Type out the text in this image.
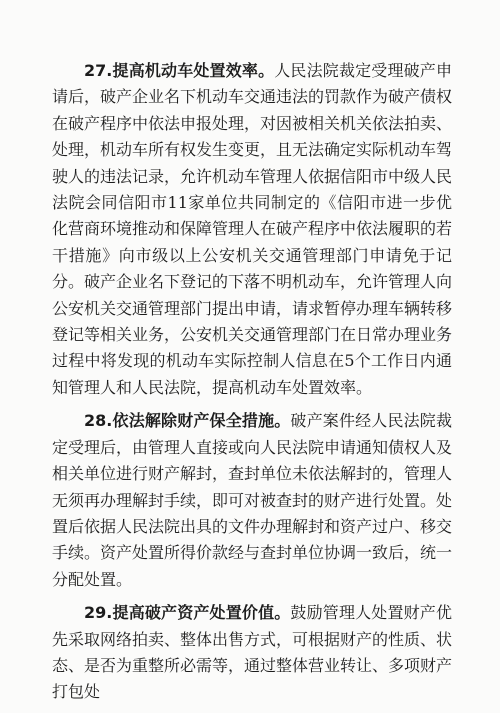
27.提高机动车处置效率。人民法院裁定受理破产申请后，破产企业名下机动车交通违法的罚款作为破产债权在破产程序中依法申报处理，对因被相关机关依法拍卖、处理，机动车所有权发生变更，且无法确定实际机动车驾驶人的违法记录，允许机动车管理人依据信阳市中级人民法院会同信阳市11家单位共同制定的《信阳市进一步优化营商环境推动和保障管理人在破产程序中依法履职的若干措施》向市级以上公安机关交通管理部门申请免于记分。破产企业名下登记的下落不明机动车，允许管理人向公安机关交通管理部门提出申请，请求暂停办理车辆转移登记等相关业务，公安机关交通管理部门在日常办理业务过程中将发现的机动车实际控制人信息在5个工作日内通知管理人和人民法院，提高机动车处置效率。

28.依法解除财产保全措施。破产案件经人民法院裁定受理后，由管理人直接或向人民法院申请通知债权人及相关单位进行财产解封，查封单位未依法解封的，管理人无须再办理解封手续，即可对被查封的财产进行处置。处置后依据人民法院出具的文件办理解封和资产过户、移交手续。资产处置所得价款经与查封单位协调一致后，统一分配处置。

29.提高破产资产处置价值。鼓励管理人处置财产优先采取网络拍卖、整体出售方式，可根据财产的性质、状态、是否为重整所必需等，通过整体营业转让、多项财产打包处
